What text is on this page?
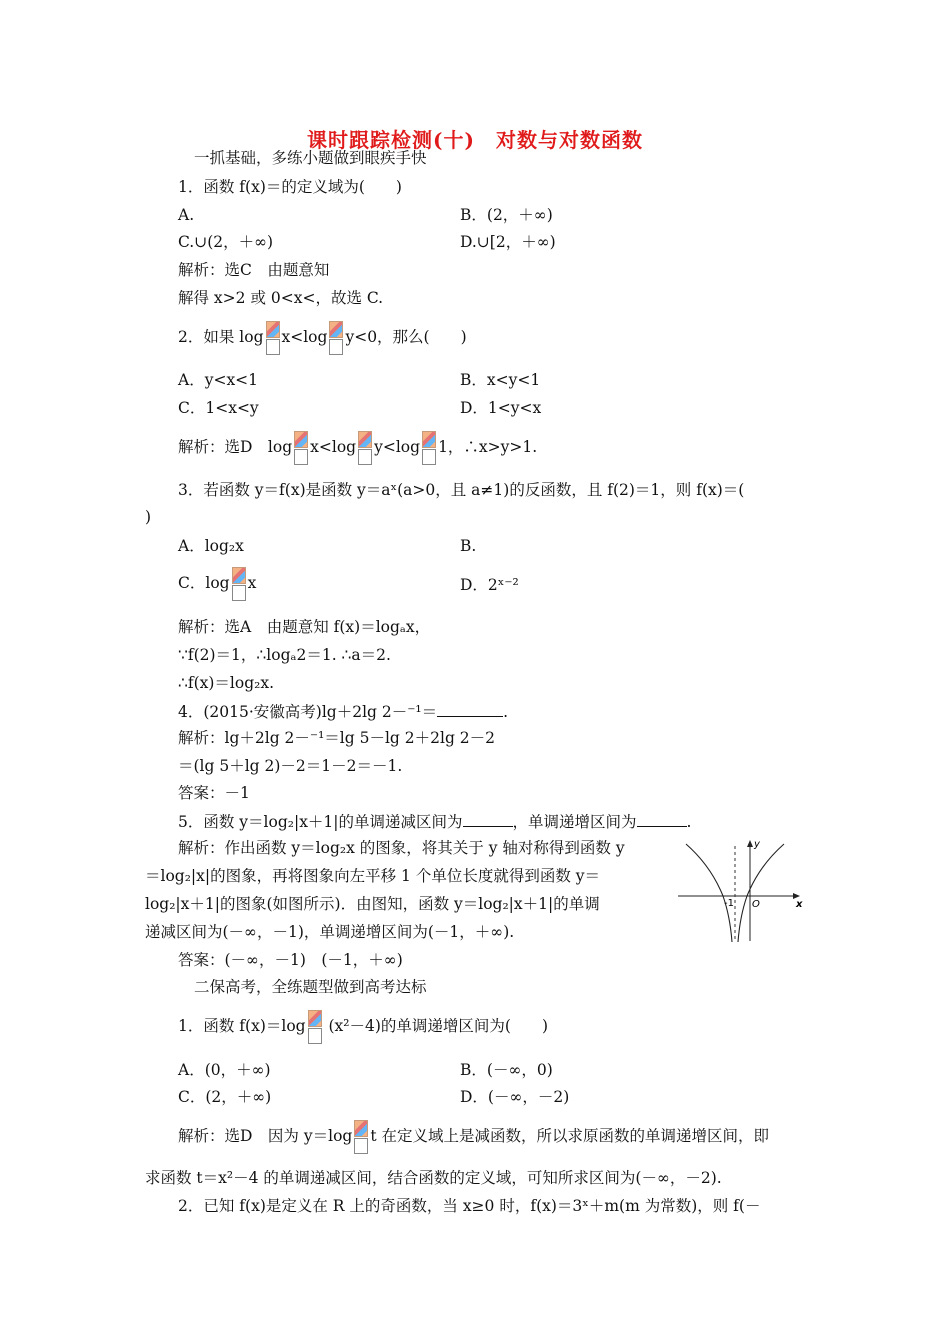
课时跟踪检测(十)　对数与对数函数
一抓基础，多练小题做到眼疾手快
1．函数 f(x)＝的定义域为(　　)
A.	B．(2，＋∞)
C.∪(2，＋∞)	D.∪[2，＋∞)
解析：选C　由题意知
解得 x>2 或 0<x<，故选 C.
2．如果 log x<log y<0，那么(　　)
A．y<x<1	B．x<y<1
C．1<x<y	D．1<y<x
解析：选D　log x<log y<log 1，∴x>y>1.
3．若函数 y＝f(x)是函数 y＝aˣ(a>0，且 a≠1)的反函数，且 f(2)＝1，则 f(x)＝(
)
A．log₂x	B.
C．log x	D．2ˣ⁻²
解析：选A　由题意知 f(x)＝logₐx，
∵f(2)＝1，∴logₐ2＝1. ∴a＝2.
∴f(x)＝log₂x.
4．(2015·安徽高考)lg＋2lg 2－⁻¹＝	.
解析：lg＋2lg 2－⁻¹＝lg 5－lg 2＋2lg 2－2
＝(lg 5＋lg 2)－2＝1－2＝－1.
答案：－1
5．函数 y＝log₂|x＋1|的单调递减区间为	，单调递增区间为	.
解析：作出函数 y＝log₂x 的图象，将其关于 y 轴对称得到函数 y
＝log₂|x|的图象，再将图象向左平移 1 个单位长度就得到函数 y＝
log₂|x＋1|的图象(如图所示)．由图知，函数 y＝log₂|x＋1|的单调
递减区间为(－∞，－1)，单调递增区间为(－1，＋∞).
答案：(－∞，－1)　(－1，＋∞)
y
x
-1 O
二保高考，全练题型做到高考达标
1．函数 f(x)＝log
(x²－4)的单调递增区间为(　　)
A．(0，＋∞)	B．(－∞，0)
C．(2，＋∞)	D．(－∞，－2)
解析：选D　因为 y＝log t 在定义域上是减函数，所以求原函数的单调递增区间，即
求函数 t＝x²－4 的单调递减区间，结合函数的定义域，可知所求区间为(－∞，－2).
2．已知 f(x)是定义在 R 上的奇函数，当 x≥0 时，f(x)＝3ˣ＋m(m 为常数)，则 f(－
